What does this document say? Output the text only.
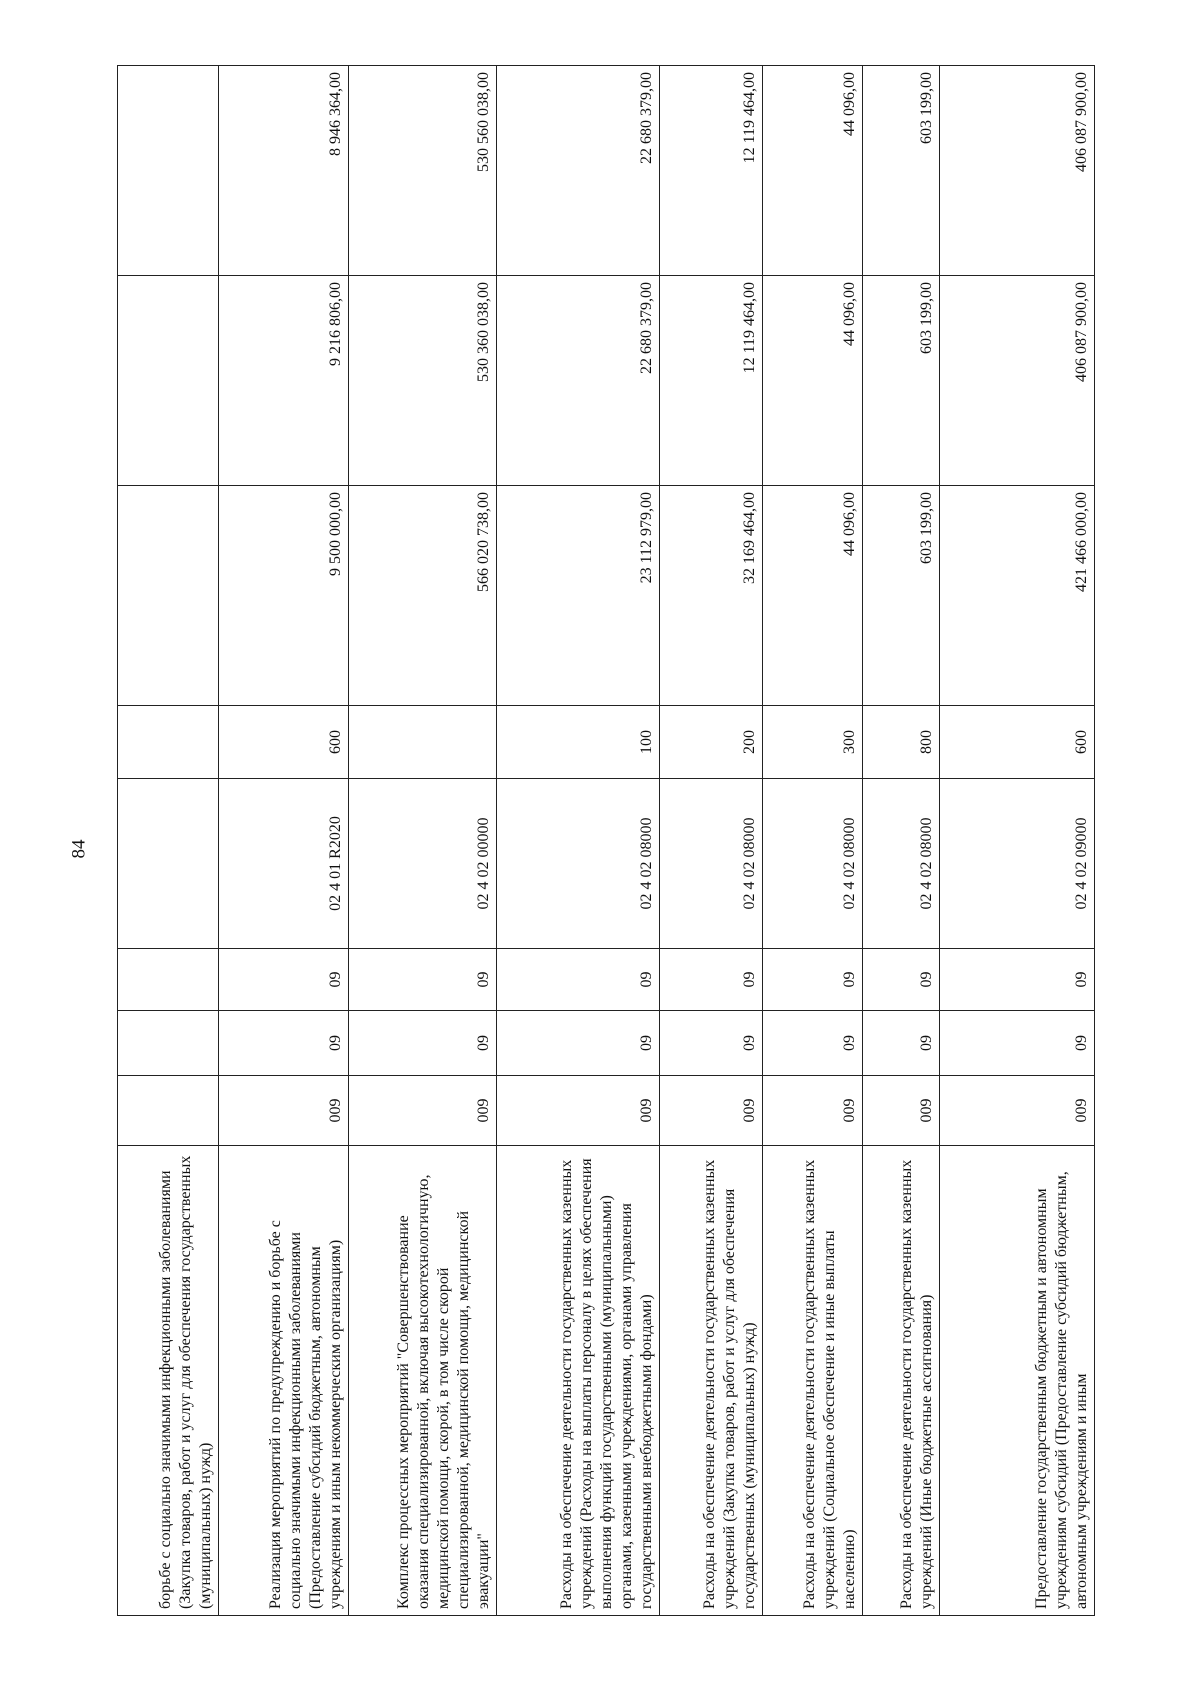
84
борьбе с социально значимыми инфекционными заболеваниями (Закупка товаров, работ и услуг для обеспечения государственных (муниципальных) нужд)								
Реализация мероприятий по предупреждению и борьбе с социально значимыми инфекционными заболеваниями (Предоставление субсидий бюджетным, автономным учреждениям и иным некоммерческим организациям)	009	09	09	02 4 01 R2020	600	9 500 000,00	9 216 806,00	8 946 364,00
Комплекс процессных мероприятий "Совершенствование оказания специализированной, включая высокотехнологичную, медицинской помощи, скорой, в том числе скорой специализированной, медицинской помощи, медицинской эвакуации"	009	09	09	02 4 02 00000		566 020 738,00	530 360 038,00	530 560 038,00
Расходы на обеспечение деятельности государственных казенных учреждений (Расходы на выплаты персоналу в целях обеспечения выполнения функций государственными (муниципальными) органами, казенными учреждениями, органами управления государственными внебюджетными фондами)	009	09	09	02 4 02 08000	100	23 112 979,00	22 680 379,00	22 680 379,00
Расходы на обеспечение деятельности государственных казенных учреждений (Закупка товаров, работ и услуг для обеспечения государственных (муниципальных) нужд)	009	09	09	02 4 02 08000	200	32 169 464,00	12 119 464,00	12 119 464,00
Расходы на обеспечение деятельности государственных казенных учреждений (Социальное обеспечение и иные выплаты населению)	009	09	09	02 4 02 08000	300	44 096,00	44 096,00	44 096,00
Расходы на обеспечение деятельности государственных казенных учреждений (Иные бюджетные ассигнования)	009	09	09	02 4 02 08000	800	603 199,00	603 199,00	603 199,00
Предоставление государственным бюджетным и автономным учреждениям субсидий (Предоставление субсидий бюджетным, автономным учреждениям и иным	009	09	09	02 4 02 09000	600	421 466 000,00	406 087 900,00	406 087 900,00
